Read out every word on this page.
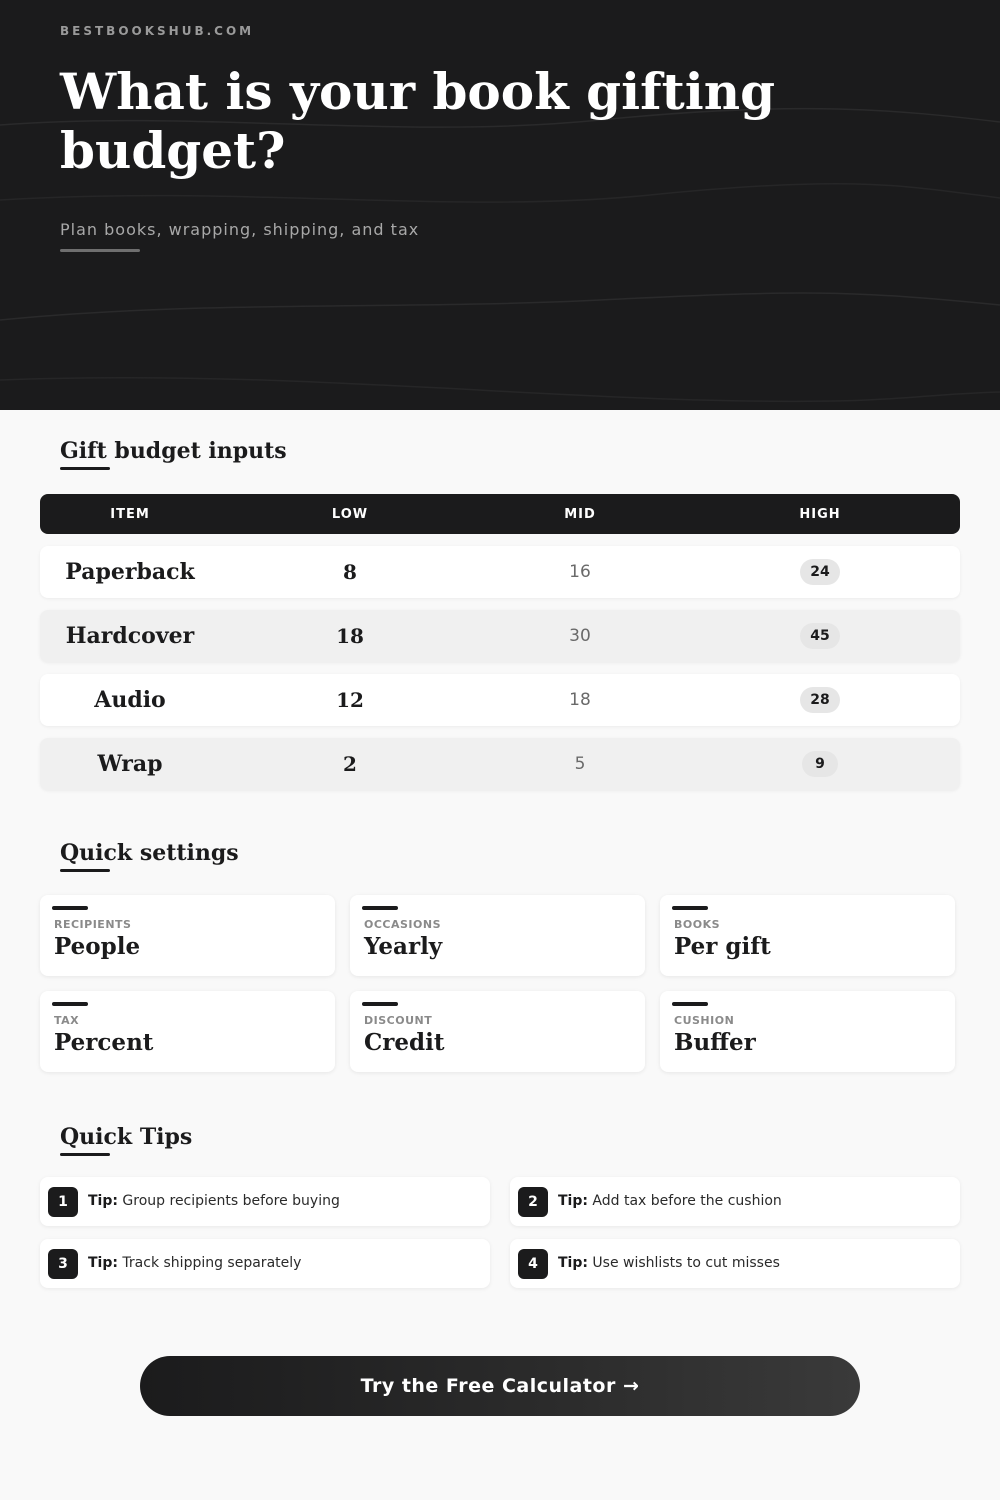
BESTBOOKSHUB.COM
What is your book gifting budget?
Plan books, wrapping, shipping, and tax
Gift budget inputs
ITEM	LOW	MID	HIGH
Paperback	8	16	24
Hardcover	18	30	45
Audio	12	18	28
Wrap	2	5	9
Quick settings
RECIPIENTS
People
OCCASIONS
Yearly
BOOKS
Per gift
TAX
Percent
DISCOUNT
Credit
CUSHION
Buffer
Quick Tips
1	Tip: Group recipients before buying	2	Tip: Add tax before the cushion
3	Tip: Track shipping separately	4	Tip: Use wishlists to cut misses
Try the Free Calculator →
